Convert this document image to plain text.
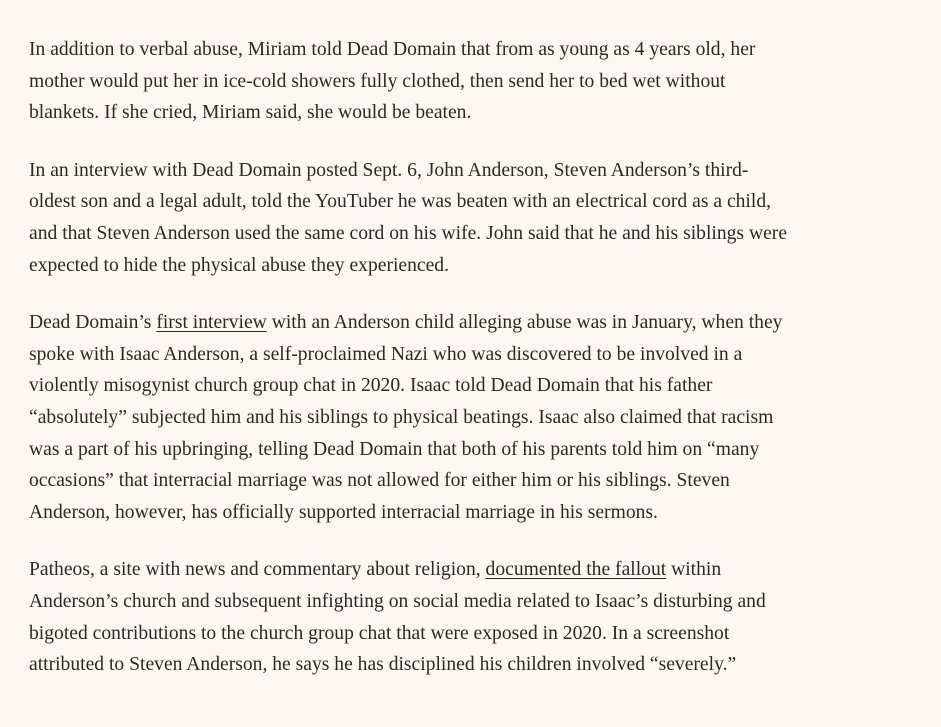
In addition to verbal abuse, Miriam told Dead Domain that from as young as 4 years old, her
mother would put her in ice-cold showers fully clothed, then send her to bed wet without
blankets. If she cried, Miriam said, she would be beaten.

In an interview with Dead Domain posted Sept. 6, John Anderson, Steven Anderson’s third-
oldest son and a legal adult, told the YouTuber he was beaten with an electrical cord as a child,
and that Steven Anderson used the same cord on his wife. John said that he and his siblings were
expected to hide the physical abuse they experienced.

Dead Domain’s first interview with an Anderson child alleging abuse was in January, when they
spoke with Isaac Anderson, a self-proclaimed Nazi who was discovered to be involved in a
violently misogynist church group chat in 2020. Isaac told Dead Domain that his father
“absolutely” subjected him and his siblings to physical beatings. Isaac also claimed that racism
was a part of his upbringing, telling Dead Domain that both of his parents told him on “many
occasions” that interracial marriage was not allowed for either him or his siblings. Steven
Anderson, however, has officially supported interracial marriage in his sermons.

Patheos, a site with news and commentary about religion, documented the fallout within
Anderson’s church and subsequent infighting on social media related to Isaac’s disturbing and
bigoted contributions to the church group chat that were exposed in 2020. In a screenshot
attributed to Steven Anderson, he says he has disciplined his children involved “severely.”
